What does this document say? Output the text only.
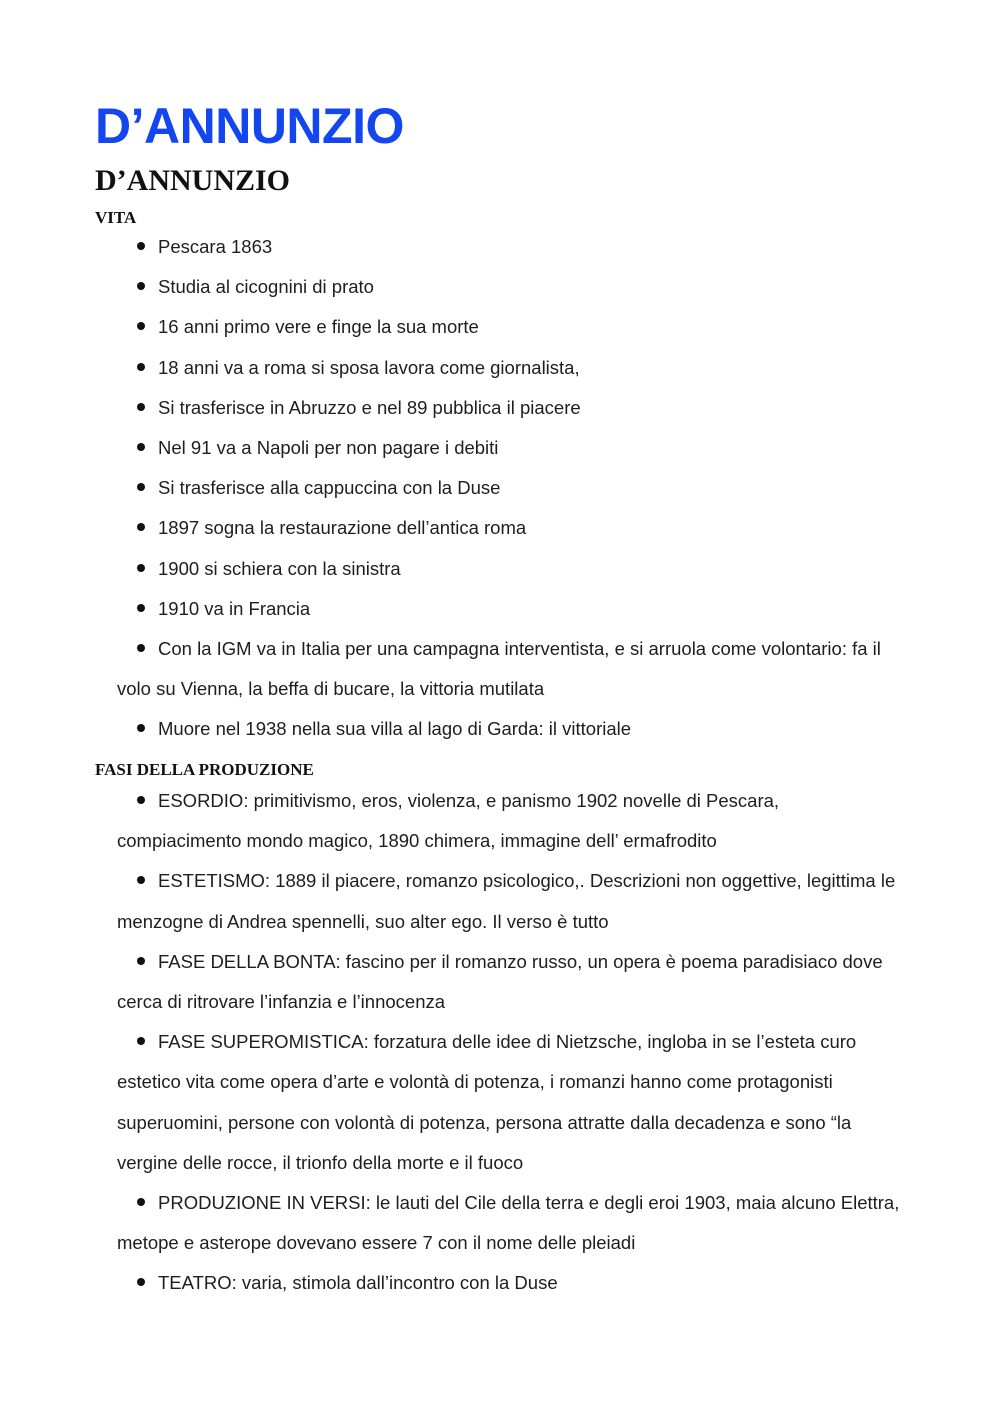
D’ANNUNZIO
D’ANNUNZIO
VITA
Pescara 1863
Studia al cicognini di prato
16 anni primo vere e finge la sua morte
18 anni va a roma si sposa lavora come giornalista,
Si trasferisce in Abruzzo e nel 89 pubblica il piacere
Nel 91 va a Napoli per non pagare i debiti
Si trasferisce alla cappuccina con la Duse
1897 sogna la restaurazione dell’antica roma
1900 si schiera con la sinistra
1910 va in Francia
Con la IGM va in Italia per una campagna interventista, e si arruola come volontario: fa il volo su Vienna, la beffa di bucare, la vittoria mutilata
Muore nel 1938 nella sua villa al lago di Garda: il vittoriale
FASI DELLA PRODUZIONE
ESORDIO: primitivismo, eros, violenza, e panismo 1902 novelle di Pescara, compiacimento mondo magico, 1890 chimera, immagine dell’ ermafrodito
ESTETISMO: 1889 il piacere, romanzo psicologico,. Descrizioni non oggettive, legittima le menzogne di Andrea spennelli, suo alter ego. Il verso è tutto
FASE DELLA BONTA: fascino per il romanzo russo, un opera è poema paradisiaco dove cerca di ritrovare l’infanzia e l’innocenza
FASE SUPEROMISTICA: forzatura delle idee di Nietzsche, ingloba in se l’esteta curo estetico vita come opera d’arte e volontà di potenza, i romanzi hanno come protagonisti superuomini, persone con volontà di potenza, persona attratte dalla decadenza e sono “la vergine delle rocce, il trionfo della morte e il fuoco
PRODUZIONE IN VERSI: le lauti del Cile della terra e degli eroi 1903, maia alcuno Elettra, metope e asterope dovevano essere 7 con il nome delle pleiadi
TEATRO: varia, stimola dall’incontro con la Duse
